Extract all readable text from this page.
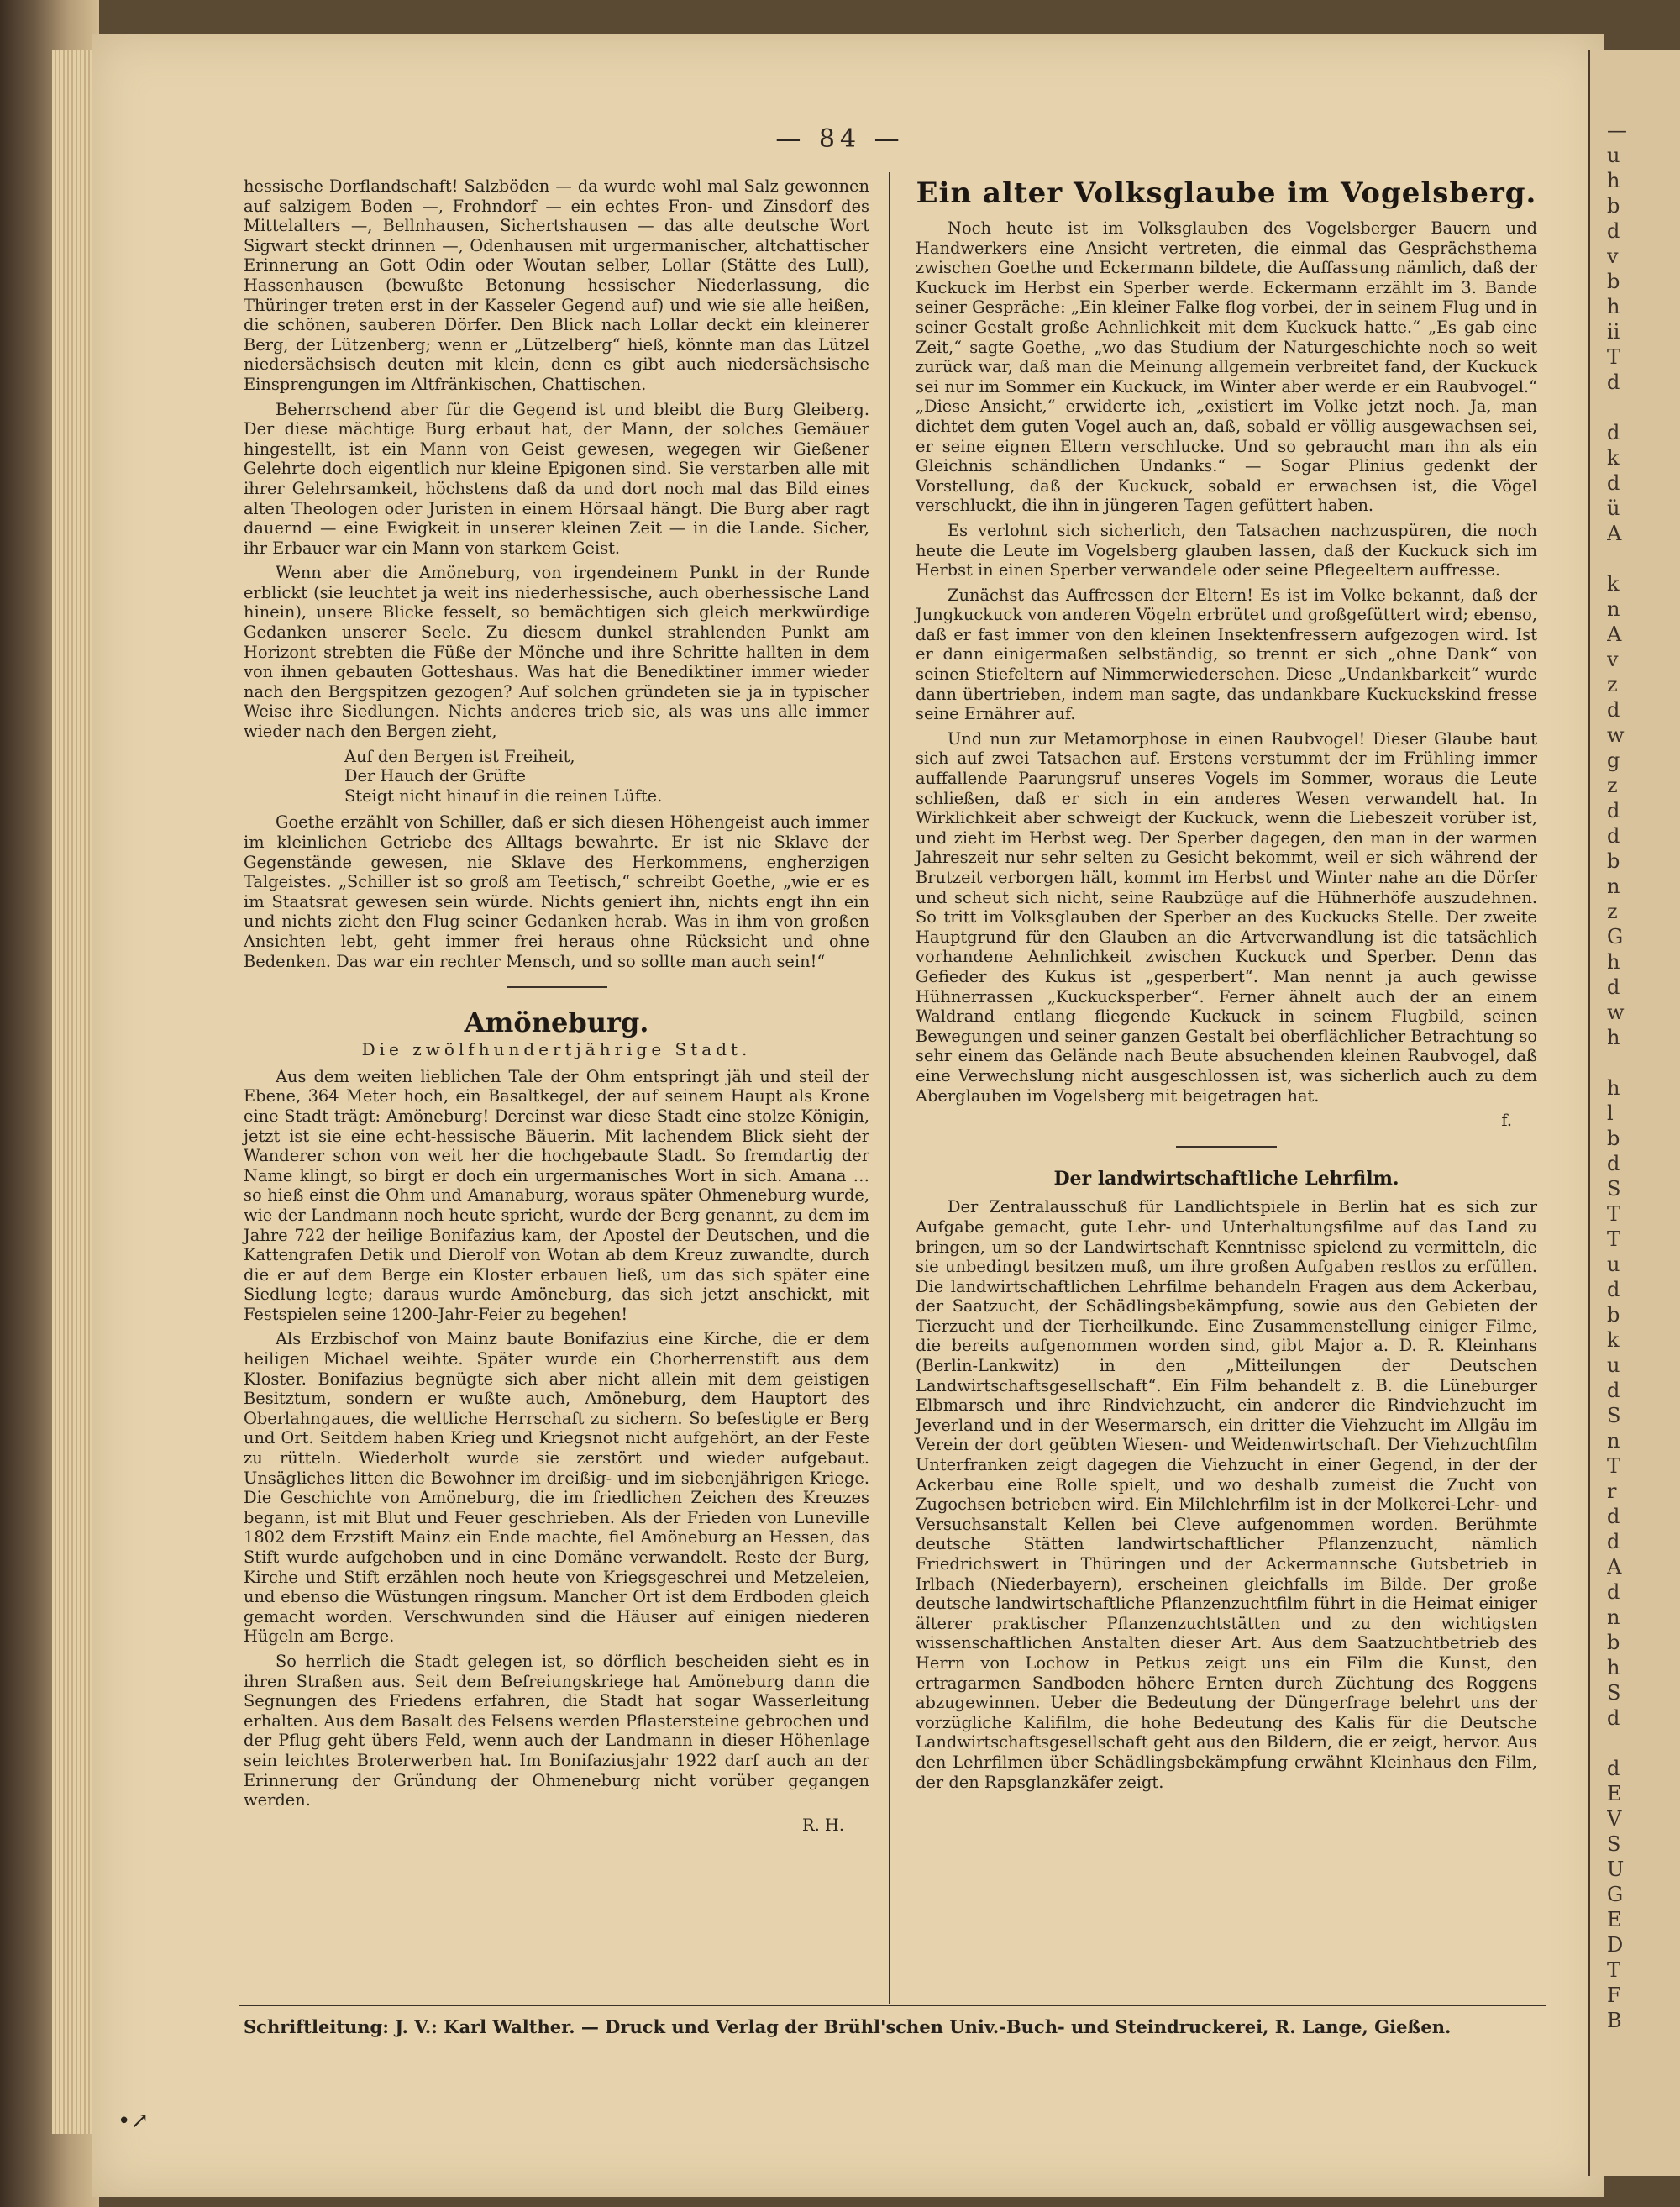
—
u
h
b
d
v
b
h
ii
T
d

d
k
d
ü
A

k
n
A
v
z
d
w
g
z
d
d
b
n
z
G
h
d
w
h

h
l
b
d
S
T
T
u
d
b
k
u
d
S
n
T
r
d
d
A
d
n
b
h
S
d

d
E
V
S
U
G
E
D
T
F
B
— 84 —

hessische Dorflandschaft! Salzböden — da wurde wohl mal Salz gewonnen auf salzigem Boden —, Frohndorf — ein echtes Fron- und Zinsdorf des Mittelalters —, Bellnhausen, Sichertshausen — das alte deutsche Wort Sigwart steckt drinnen —, Odenhausen mit urgermanischer, altchattischer Erinnerung an Gott Odin oder Woutan selber, Lollar (Stätte des Lull), Hassenhausen (bewußte Betonung hessischer Niederlassung, die Thüringer treten erst in der Kasseler Gegend auf) und wie sie alle heißen, die schönen, sauberen Dörfer. Den Blick nach Lollar deckt ein kleinerer Berg, der Lützenberg; wenn er „Lützelberg“ hieß, könnte man das Lützel niedersächsisch deuten mit klein, denn es gibt auch niedersächsische Einsprengungen im Altfränkischen, Chattischen.

Beherrschend aber für die Gegend ist und bleibt die Burg Gleiberg. Der diese mächtige Burg erbaut hat, der Mann, der solches Gemäuer hingestellt, ist ein Mann von Geist gewesen, wegegen wir Gießener Gelehrte doch eigentlich nur kleine Epigonen sind. Sie verstarben alle mit ihrer Gelehrsamkeit, höchstens daß da und dort noch mal das Bild eines alten Theologen oder Juristen in einem Hörsaal hängt. Die Burg aber ragt dauernd — eine Ewigkeit in unserer kleinen Zeit — in die Lande. Sicher, ihr Erbauer war ein Mann von starkem Geist.

Wenn aber die Amöneburg, von irgendeinem Punkt in der Runde erblickt (sie leuchtet ja weit ins niederhessische, auch oberhessische Land hinein), unsere Blicke fesselt, so bemächtigen sich gleich merkwürdige Gedanken unserer Seele. Zu diesem dunkel strahlenden Punkt am Horizont strebten die Füße der Mönche und ihre Schritte hallten in dem von ihnen gebauten Gotteshaus. Was hat die Benediktiner immer wieder nach den Bergspitzen gezogen? Auf solchen gründeten sie ja in typischer Weise ihre Siedlungen. Nichts anderes trieb sie, als was uns alle immer wieder nach den Bergen zieht,

Auf den Bergen ist Freiheit,
Der Hauch der Grüfte
Steigt nicht hinauf in die reinen Lüfte.

Goethe erzählt von Schiller, daß er sich diesen Höhengeist auch immer im kleinlichen Getriebe des Alltags bewahrte. Er ist nie Sklave der Gegenstände gewesen, nie Sklave des Herkommens, engherzigen Talgeistes. „Schiller ist so groß am Teetisch,“ schreibt Goethe, „wie er es im Staatsrat gewesen sein würde. Nichts geniert ihn, nichts engt ihn ein und nichts zieht den Flug seiner Gedanken herab. Was in ihm von großen Ansichten lebt, geht immer frei heraus ohne Rücksicht und ohne Bedenken. Das war ein rechter Mensch, und so sollte man auch sein!“

Amöneburg.
Die zwölfhundertjährige Stadt.

Aus dem weiten lieblichen Tale der Ohm entspringt jäh und steil der Ebene, 364 Meter hoch, ein Basaltkegel, der auf seinem Haupt als Krone eine Stadt trägt: Amöneburg! Dereinst war diese Stadt eine stolze Königin, jetzt ist sie eine echt-hessische Bäuerin. Mit lachendem Blick sieht der Wanderer schon von weit her die hochgebaute Stadt. So fremdartig der Name klingt, so birgt er doch ein urgermanisches Wort in sich. Amana … so hieß einst die Ohm und Amanaburg, woraus später Ohmeneburg wurde, wie der Landmann noch heute spricht, wurde der Berg genannt, zu dem im Jahre 722 der heilige Bonifazius kam, der Apostel der Deutschen, und die Kattengrafen Detik und Dierolf von Wotan ab dem Kreuz zuwandte, durch die er auf dem Berge ein Kloster erbauen ließ, um das sich später eine Siedlung legte; daraus wurde Amöneburg, das sich jetzt anschickt, mit Festspielen seine 1200-Jahr-Feier zu begehen!

Als Erzbischof von Mainz baute Bonifazius eine Kirche, die er dem heiligen Michael weihte. Später wurde ein Chorherrenstift aus dem Kloster. Bonifazius begnügte sich aber nicht allein mit dem geistigen Besitztum, sondern er wußte auch, Amöneburg, dem Hauptort des Oberlahngaues, die weltliche Herrschaft zu sichern. So befestigte er Berg und Ort. Seitdem haben Krieg und Kriegsnot nicht aufgehört, an der Feste zu rütteln. Wiederholt wurde sie zerstört und wieder aufgebaut. Unsägliches litten die Bewohner im dreißig- und im siebenjährigen Kriege. Die Geschichte von Amöneburg, die im friedlichen Zeichen des Kreuzes begann, ist mit Blut und Feuer geschrieben. Als der Frieden von Luneville 1802 dem Erzstift Mainz ein Ende machte, fiel Amöneburg an Hessen, das Stift wurde aufgehoben und in eine Domäne verwandelt. Reste der Burg, Kirche und Stift erzählen noch heute von Kriegsgeschrei und Metzeleien, und ebenso die Wüstungen ringsum. Mancher Ort ist dem Erdboden gleich gemacht worden. Verschwunden sind die Häuser auf einigen niederen Hügeln am Berge.

So herrlich die Stadt gelegen ist, so dörflich bescheiden sieht es in ihren Straßen aus. Seit dem Befreiungskriege hat Amöneburg dann die Segnungen des Friedens erfahren, die Stadt hat sogar Wasserleitung erhalten. Aus dem Basalt des Felsens werden Pflastersteine gebrochen und der Pflug geht übers Feld, wenn auch der Landmann in dieser Höhenlage sein leichtes Broterwerben hat. Im Bonifaziusjahr 1922 darf auch an der Erinnerung der Gründung der Ohmeneburg nicht vorüber gegangen werden.

R. H.
Ein alter Volksglaube im Vogelsberg.

Noch heute ist im Volksglauben des Vogelsberger Bauern und Handwerkers eine Ansicht vertreten, die einmal das Gesprächsthema zwischen Goethe und Eckermann bildete, die Auffassung nämlich, daß der Kuckuck im Herbst ein Sperber werde. Eckermann erzählt im 3. Bande seiner Gespräche: „Ein kleiner Falke flog vorbei, der in seinem Flug und in seiner Gestalt große Aehnlichkeit mit dem Kuckuck hatte.“ „Es gab eine Zeit,“ sagte Goethe, „wo das Studium der Naturgeschichte noch so weit zurück war, daß man die Meinung allgemein verbreitet fand, der Kuckuck sei nur im Sommer ein Kuckuck, im Winter aber werde er ein Raubvogel.“ „Diese Ansicht,“ erwiderte ich, „existiert im Volke jetzt noch. Ja, man dichtet dem guten Vogel auch an, daß, sobald er völlig ausgewachsen sei, er seine eignen Eltern verschlucke. Und so gebraucht man ihn als ein Gleichnis schändlichen Undanks.“ — Sogar Plinius gedenkt der Vorstellung, daß der Kuckuck, sobald er erwachsen ist, die Vögel verschluckt, die ihn in jüngeren Tagen gefüttert haben.

Es verlohnt sich sicherlich, den Tatsachen nachzuspüren, die noch heute die Leute im Vogelsberg glauben lassen, daß der Kuckuck sich im Herbst in einen Sperber verwandele oder seine Pflegeeltern auffresse.

Zunächst das Auffressen der Eltern! Es ist im Volke bekannt, daß der Jungkuckuck von anderen Vögeln erbrütet und großgefüttert wird; ebenso, daß er fast immer von den kleinen Insektenfressern aufgezogen wird. Ist er dann einigermaßen selbständig, so trennt er sich „ohne Dank“ von seinen Stiefeltern auf Nimmerwiedersehen. Diese „Undankbarkeit“ wurde dann übertrieben, indem man sagte, das undankbare Kuckuckskind fresse seine Ernährer auf.

Und nun zur Metamorphose in einen Raubvogel! Dieser Glaube baut sich auf zwei Tatsachen auf. Erstens verstummt der im Frühling immer auffallende Paarungsruf unseres Vogels im Sommer, woraus die Leute schließen, daß er sich in ein anderes Wesen verwandelt hat. In Wirklichkeit aber schweigt der Kuckuck, wenn die Liebeszeit vorüber ist, und zieht im Herbst weg. Der Sperber dagegen, den man in der warmen Jahreszeit nur sehr selten zu Gesicht bekommt, weil er sich während der Brutzeit verborgen hält, kommt im Herbst und Winter nahe an die Dörfer und scheut sich nicht, seine Raubzüge auf die Hühnerhöfe auszudehnen. So tritt im Volksglauben der Sperber an des Kuckucks Stelle. Der zweite Hauptgrund für den Glauben an die Artverwandlung ist die tatsächlich vorhandene Aehnlichkeit zwischen Kuckuck und Sperber. Denn das Gefieder des Kukus ist „gesperbert“. Man nennt ja auch gewisse Hühnerrassen „Kuckucksperber“. Ferner ähnelt auch der an einem Waldrand entlang fliegende Kuckuck in seinem Flugbild, seinen Bewegungen und seiner ganzen Gestalt bei oberflächlicher Betrachtung so sehr einem das Gelände nach Beute absuchenden kleinen Raubvogel, daß eine Verwechslung nicht ausgeschlossen ist, was sicherlich auch zu dem Aberglauben im Vogelsberg mit beigetragen hat.

f.
Der landwirtschaftliche Lehrfilm.

Der Zentralausschuß für Landlichtspiele in Berlin hat es sich zur Aufgabe gemacht, gute Lehr- und Unterhaltungsfilme auf das Land zu bringen, um so der Landwirtschaft Kenntnisse spielend zu vermitteln, die sie unbedingt besitzen muß, um ihre großen Aufgaben restlos zu erfüllen. Die landwirtschaftlichen Lehrfilme behandeln Fragen aus dem Ackerbau, der Saatzucht, der Schädlingsbekämpfung, sowie aus den Gebieten der Tierzucht und der Tierheilkunde. Eine Zusammenstellung einiger Filme, die bereits aufgenommen worden sind, gibt Major a. D. R. Kleinhans (Berlin-Lankwitz) in den „Mitteilungen der Deutschen Landwirtschaftsgesellschaft“. Ein Film behandelt z. B. die Lüneburger Elbmarsch und ihre Rindviehzucht, ein anderer die Rindviehzucht im Jeverland und in der Wesermarsch, ein dritter die Viehzucht im Allgäu im Verein der dort geübten Wiesen- und Weidenwirtschaft. Der Viehzuchtfilm Unterfranken zeigt dagegen die Viehzucht in einer Gegend, in der der Ackerbau eine Rolle spielt, und wo deshalb zumeist die Zucht von Zugochsen betrieben wird. Ein Milchlehrfilm ist in der Molkerei-Lehr- und Versuchsanstalt Kellen bei Cleve aufgenommen worden. Berühmte deutsche Stätten landwirtschaftlicher Pflanzenzucht, nämlich Friedrichswert in Thüringen und der Ackermannsche Gutsbetrieb in Irlbach (Niederbayern), erscheinen gleichfalls im Bilde. Der große deutsche landwirtschaftliche Pflanzenzuchtfilm führt in die Heimat einiger älterer praktischer Pflanzenzuchtstätten und zu den wichtigsten wissenschaftlichen Anstalten dieser Art. Aus dem Saatzuchtbetrieb des Herrn von Lochow in Petkus zeigt uns ein Film die Kunst, den ertragarmen Sandboden höhere Ernten durch Züchtung des Roggens abzugewinnen. Ueber die Bedeutung der Düngerfrage belehrt uns der vorzügliche Kalifilm, die hohe Bedeutung des Kalis für die Deutsche Landwirtschaftsgesellschaft geht aus den Bildern, die er zeigt, hervor. Aus den Lehrfilmen über Schädlingsbekämpfung erwähnt Kleinhaus den Film, der den Rapsglanzkäfer zeigt.

Schriftleitung: J. V.: Karl Walther. — Druck und Verlag der Brühl'schen Univ.-Buch- und Steindruckerei, R. Lange, Gießen.
•↗
